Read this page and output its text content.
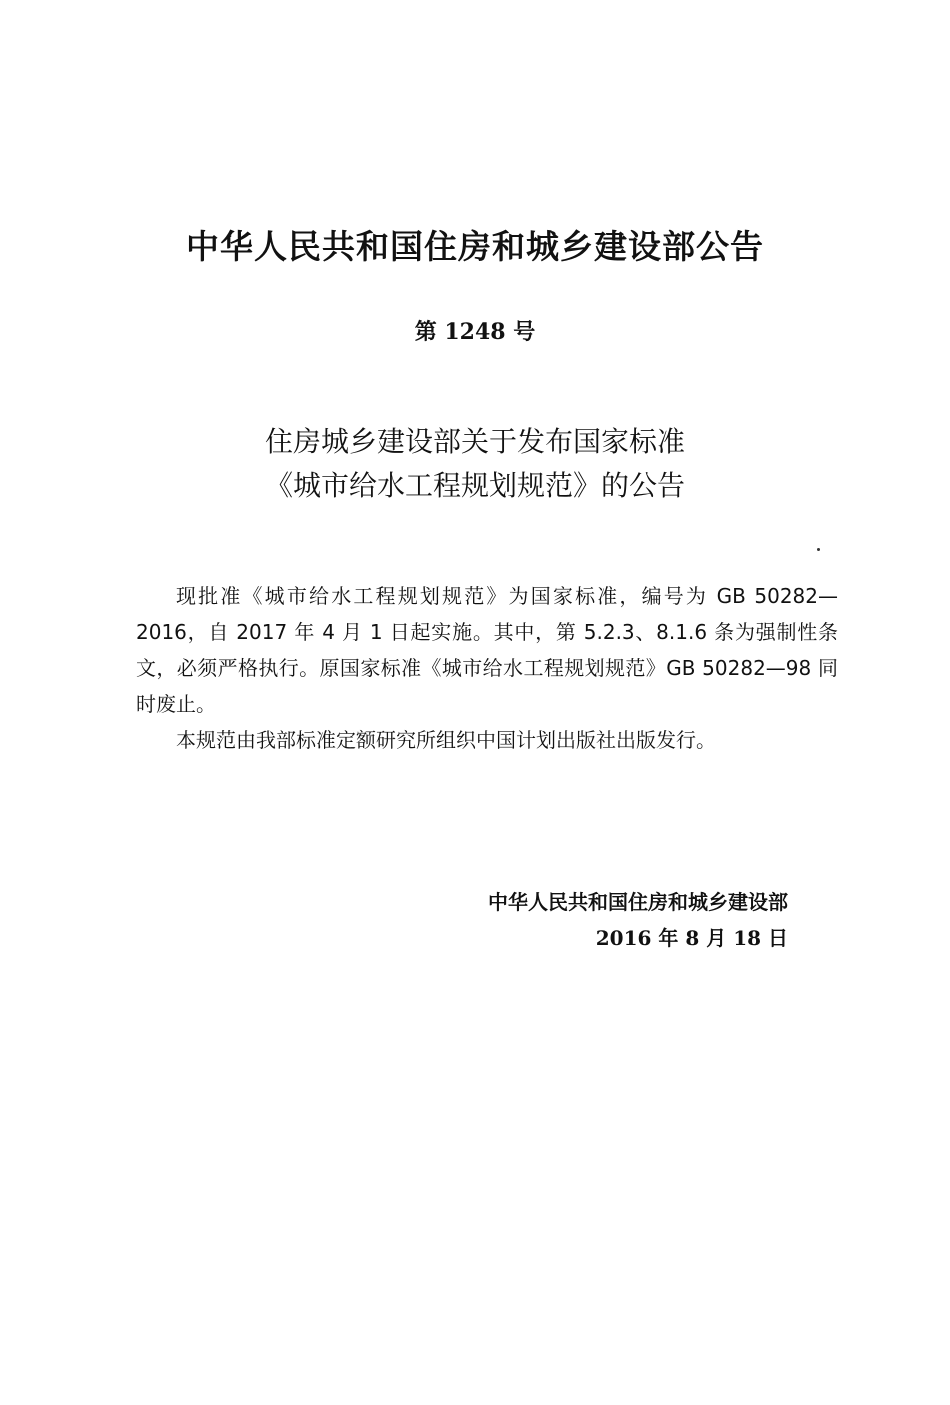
中华人民共和国住房和城乡建设部公告
第 1248 号
住房城乡建设部关于发布国家标准
《城市给水工程规划规范》的公告

现批准《城市给水工程规划规范》为国家标准，编号为 GB 50282—2016，自 2017 年 4 月 1 日起实施。其中，第 5.2.3、8.1.6 条为强制性条文，必须严格执行。原国家标准《城市给水工程规划规范》GB 50282—98 同时废止。

本规范由我部标准定额研究所组织中国计划出版社出版发行。

中华人民共和国住房和城乡建设部
2016 年 8 月 18 日
